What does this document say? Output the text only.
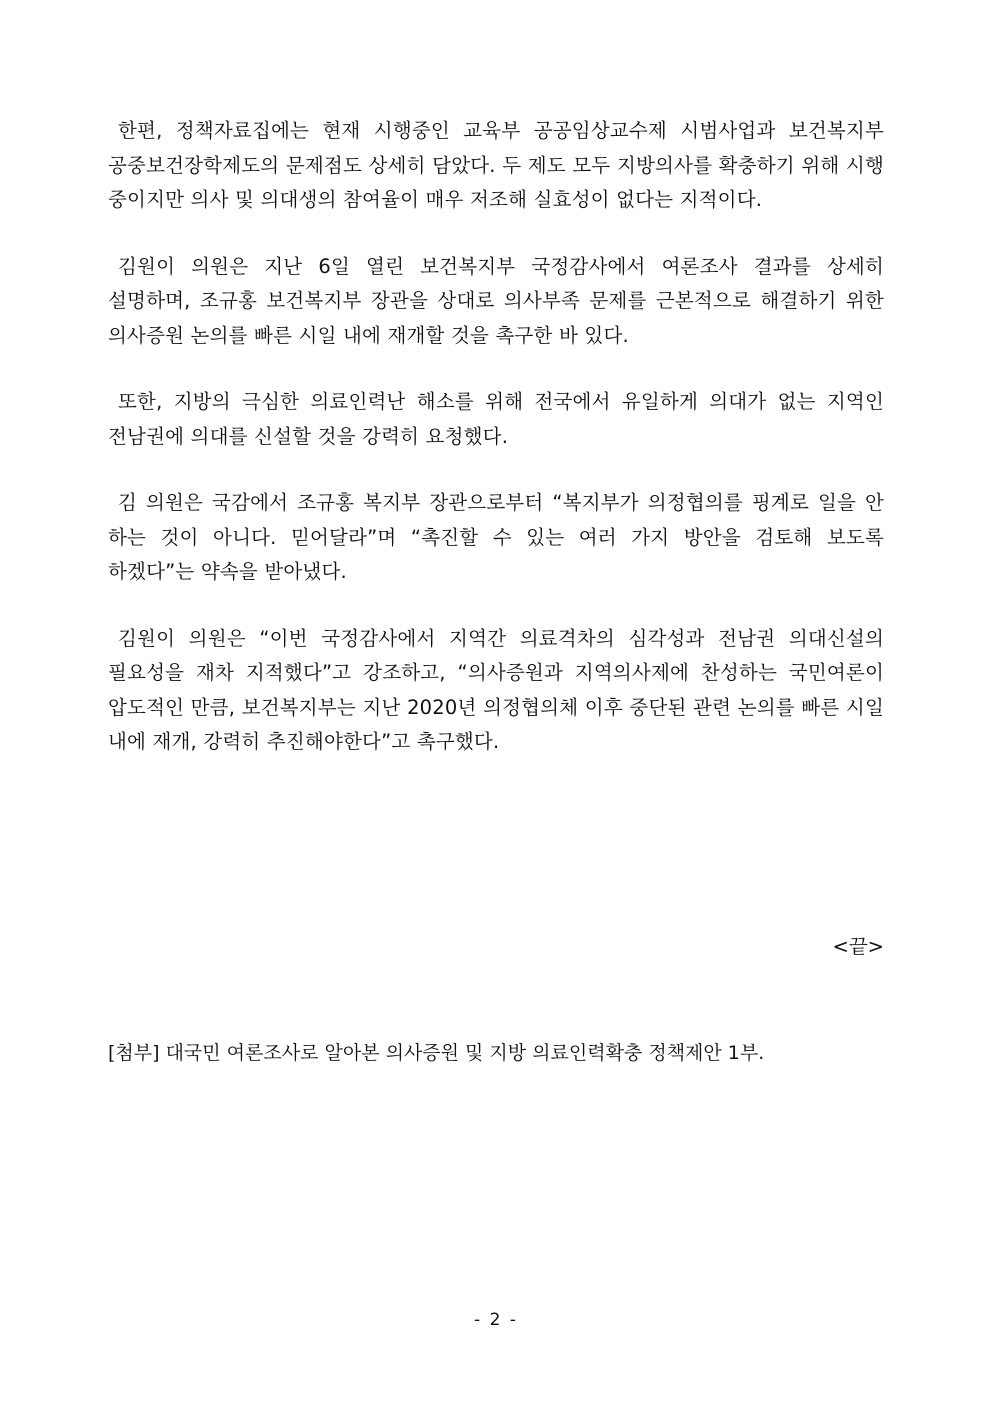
한편, 정책자료집에는 현재 시행중인 교육부 공공임상교수제 시범사업과 보건복지부 공중보건장학제도의 문제점도 상세히 담았다. 두 제도 모두 지방의사를 확충하기 위해 시행 중이지만 의사 및 의대생의 참여율이 매우 저조해 실효성이 없다는 지적이다.

김원이 의원은 지난 6일 열린 보건복지부 국정감사에서 여론조사 결과를 상세히 설명하며, 조규홍 보건복지부 장관을 상대로 의사부족 문제를 근본적으로 해결하기 위한 의사증원 논의를 빠른 시일 내에 재개할 것을 촉구한 바 있다.

또한, 지방의 극심한 의료인력난 해소를 위해 전국에서 유일하게 의대가 없는 지역인 전남권에 의대를 신설할 것을 강력히 요청했다.

김 의원은 국감에서 조규홍 복지부 장관으로부터 “복지부가 의정협의를 핑계로 일을 안 하는 것이 아니다. 믿어달라”며 “촉진할 수 있는 여러 가지 방안을 검토해 보도록 하겠다”는 약속을 받아냈다.

김원이 의원은 “이번 국정감사에서 지역간 의료격차의 심각성과 전남권 의대신설의 필요성을 재차 지적했다”고 강조하고, “의사증원과 지역의사제에 찬성하는 국민여론이 압도적인 만큼, 보건복지부는 지난 2020년 의정협의체 이후 중단된 관련 논의를 빠른 시일 내에 재개, 강력히 추진해야한다”고 촉구했다.

<끝>
[첨부] 대국민 여론조사로 알아본 의사증원 및 지방 의료인력확충 정책제안 1부.
- 2 -
